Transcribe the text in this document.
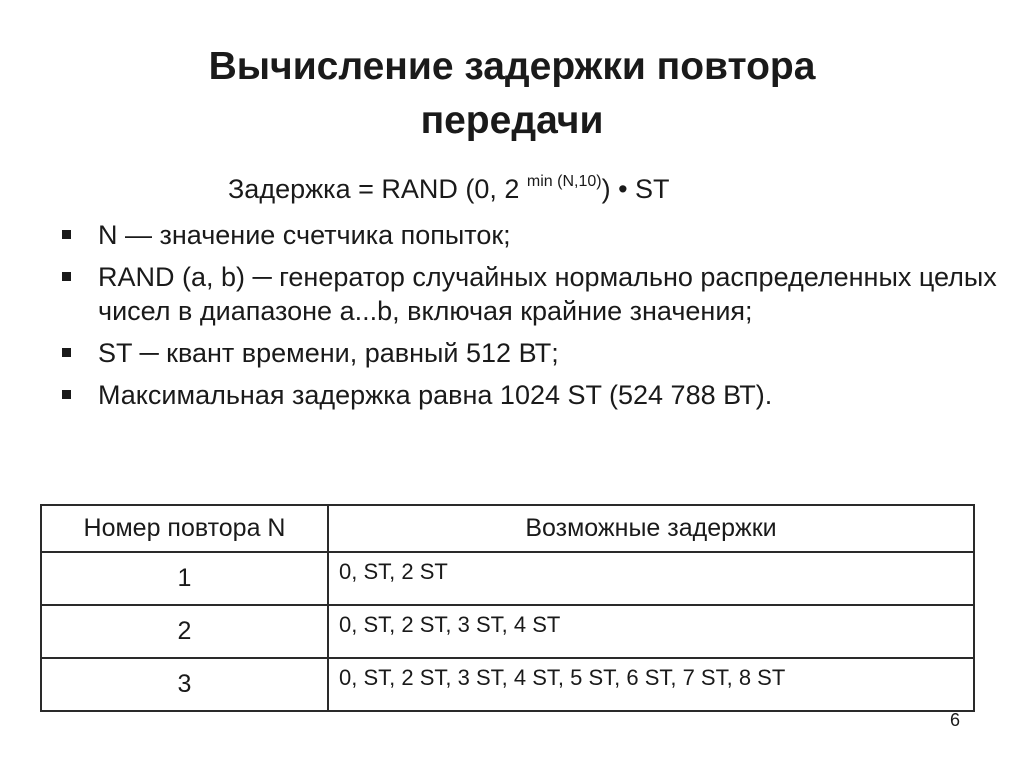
Вычисление задержки повтора
передачи
Задержка = RAND (0, 2 $^{min (N,10)}$) • ST
N — значение счетчика попыток;
RAND (a, b) ─ генератор случайных нормально распределенных целых чисел в диапазоне a...b, включая крайние значения;
ST ─ квант времени, равный 512 ВТ;
Максимальная задержка равна 1024 ST (524 788 ВТ).
Номер повтора N	Возможные задержки
1	0, ST, 2 ST
2	0, ST, 2 ST, 3 ST, 4 ST
3	0, ST, 2 ST, 3 ST, 4 ST, 5 ST, 6 ST, 7 ST, 8 ST
6
